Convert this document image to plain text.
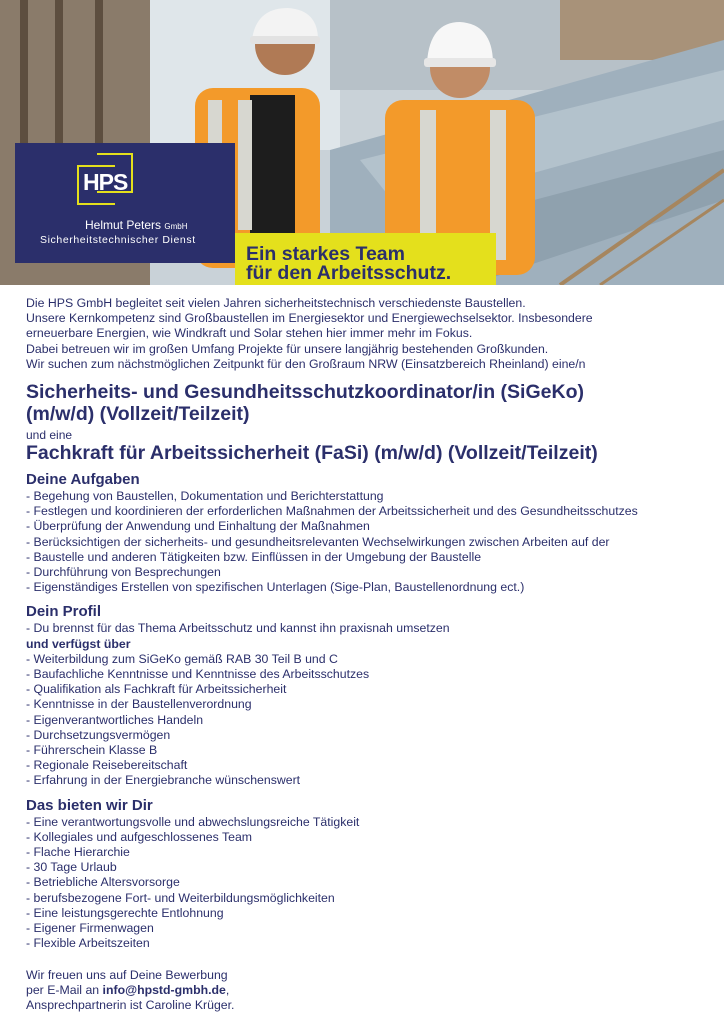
HPS
Helmut Peters GmbH
Sicherheitstechnischer Dienst
Ein starkes Team
für den Arbeitsschutz.

Die HPS GmbH begleitet seit vielen Jahren sicherheitstechnisch verschiedenste Baustellen.

Unsere Kernkompetenz sind Großbaustellen im Energiesektor und Energiewechselsektor. Insbesondere

erneuerbare Energien, wie Windkraft und Solar stehen hier immer mehr im Fokus.

Dabei betreuen wir im großen Umfang Projekte für unsere langjährig bestehenden Großkunden.

Wir suchen zum nächstmöglichen Zeitpunkt für den Großraum NRW (Einsatzbereich Rheinland) eine/n

Sicherheits- und Gesundheitsschutzkoordinator/in (SiGeKo)

(m/w/d) (Vollzeit/Teilzeit)

und eine

Fachkraft für Arbeitssicherheit (FaSi) (m/w/d) (Vollzeit/Teilzeit)

Deine Aufgaben

- Begehung von Baustellen, Dokumentation und Berichterstattung
- Festlegen und koordinieren der erforderlichen Maßnahmen der Arbeitssicherheit und des Gesundheitsschutzes
- Überprüfung der Anwendung und Einhaltung der Maßnahmen
- Berücksichtigen der sicherheits- und gesundheitsrelevanten Wechselwirkungen zwischen Arbeiten auf der
- Baustelle und anderen Tätigkeiten bzw. Einflüssen in der Umgebung der Baustelle
- Durchführung von Besprechungen
- Eigenständiges Erstellen von spezifischen Unterlagen (Sige-Plan, Baustellenordnung ect.)

Dein Profil

- Du brennst für das Thema Arbeitsschutz und kannst ihn praxisnah umsetzen

und verfügst über

- Weiterbildung zum SiGeKo gemäß RAB 30 Teil B und C
- Baufachliche Kenntnisse und Kenntnisse des Arbeitsschutzes
- Qualifikation als Fachkraft für Arbeitssicherheit
- Kenntnisse in der Baustellenverordnung
- Eigenverantwortliches Handeln
- Durchsetzungsvermögen
- Führerschein Klasse B
- Regionale Reisebereitschaft
- Erfahrung in der Energiebranche wünschenswert

Das bieten wir Dir

- Eine verantwortungsvolle und abwechslungsreiche Tätigkeit
- Kollegiales und aufgeschlossenes Team
- Flache Hierarchie
- 30 Tage Urlaub
- Betriebliche Altersvorsorge
- berufsbezogene Fort- und Weiterbildungsmöglichkeiten
- Eine leistungsgerechte Entlohnung
- Eigener Firmenwagen
- Flexible Arbeitszeiten

Wir freuen uns auf Deine Bewerbung

per E-Mail an info@hpstd-gmbh.de,

Ansprechpartnerin ist Caroline Krüger.
